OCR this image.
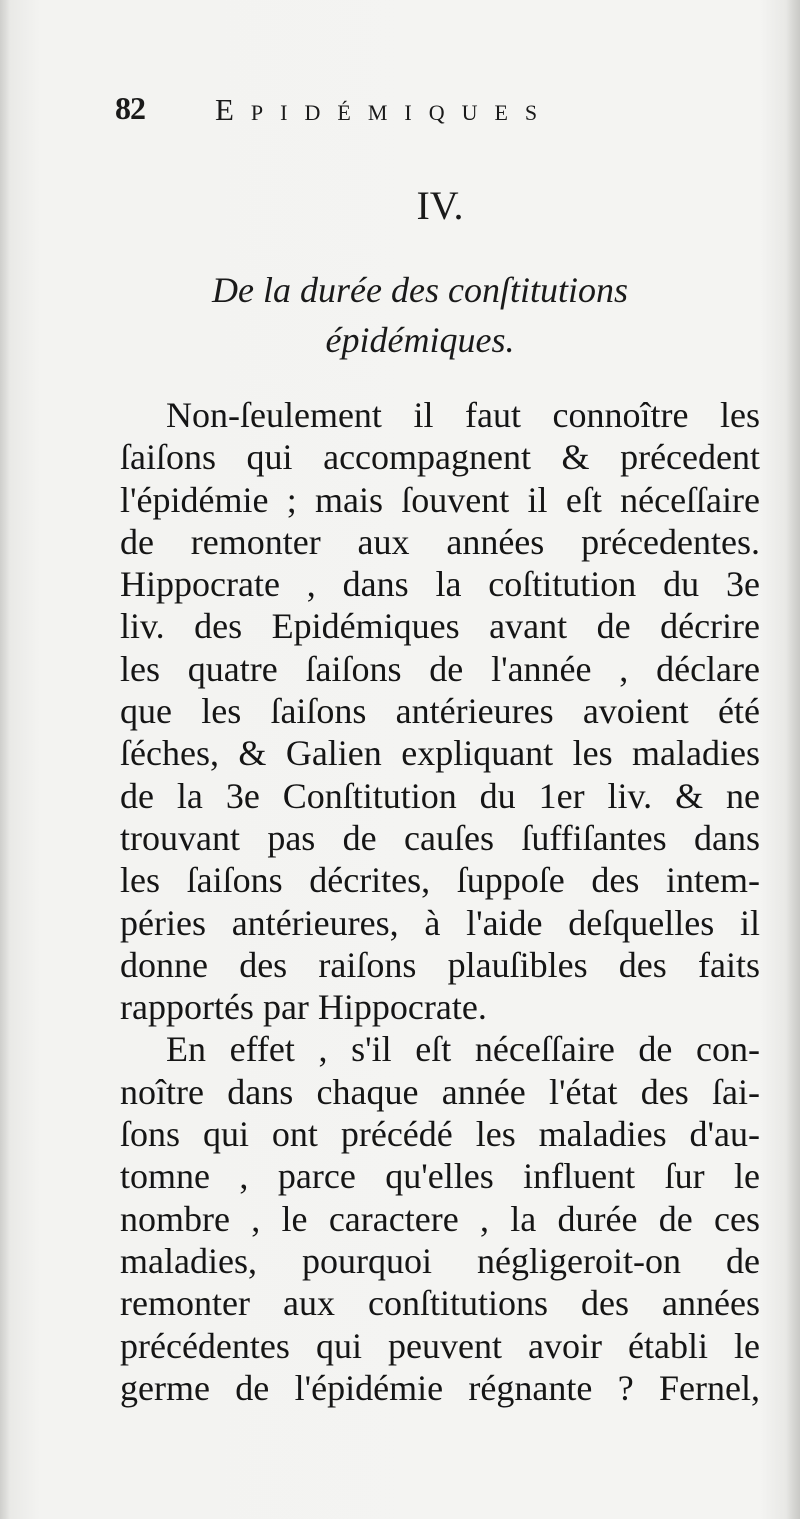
82 Epidémiques
IV.
De la durée des conſtitutions
épidémiques.
Non-ſeulement il faut connoître les
ſaiſons qui accompagnent & précedent
l'épidémie ; mais ſouvent il eſt néceſſaire
de remonter aux années précedentes.
Hippocrate , dans la coſtitution du 3e
liv. des Epidémiques avant de décrire
les quatre ſaiſons de l'année , déclare
que les ſaiſons antérieures avoient été
ſéches, & Galien expliquant les maladies
de la 3e Conſtitution du 1er liv. & ne
trouvant pas de cauſes ſuffiſantes dans
les ſaiſons décrites, ſuppoſe des intem-
péries antérieures, à l'aide deſquelles il
donne des raiſons plauſibles des faits
rapportés par Hippocrate.
En effet , s'il eſt néceſſaire de con-
noître dans chaque année l'état des ſai-
ſons qui ont précédé les maladies d'au-
tomne , parce qu'elles influent ſur le
nombre , le caractere , la durée de ces
maladies, pourquoi négligeroit-on de
remonter aux conſtitutions des années
précédentes qui peuvent avoir établi le
germe de l'épidémie régnante ? Fernel,
